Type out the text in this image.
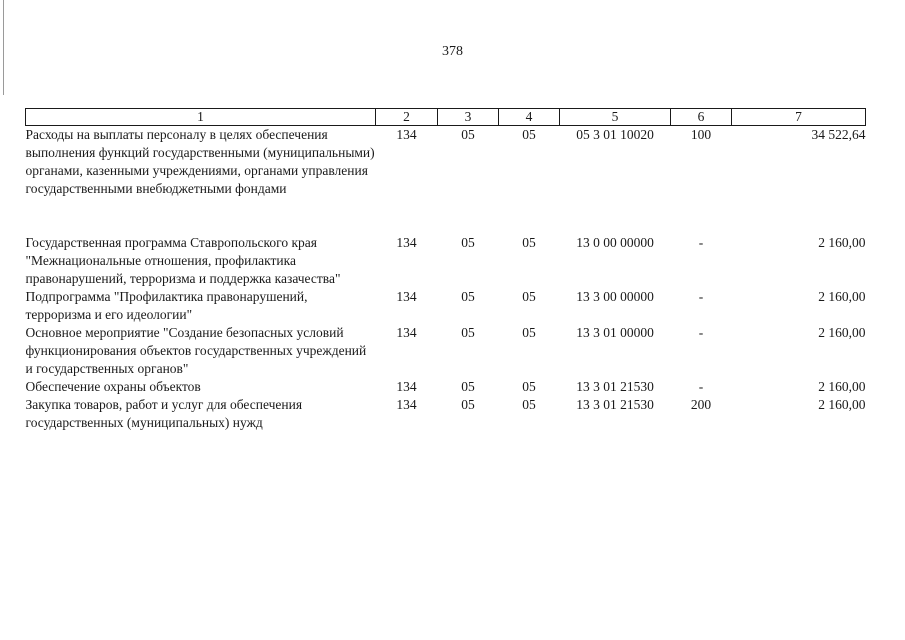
378
1	2	3	4	5	6	7
Расходы на выплаты персоналу в целях обеспечения выполнения функций государственными (муниципальными) органами, казенными учреждениями, органами управления государственными внебюджетными фондами	134	05	05	05 3 01 10020	100	34 522,64

Государственная программа Ставропольского края "Межнациональные отношения, профилактика правонарушений, терроризма и поддержка казачества"	134	05	05	13 0 00 00000	-	2 160,00
Подпрограмма "Профилактика правонарушений, терроризма и его идеологии"	134	05	05	13 3 00 00000	-	2 160,00
Основное мероприятие "Создание безопасных условий функционирования объектов государственных учреждений и государственных органов"	134	05	05	13 3 01 00000	-	2 160,00
Обеспечение охраны объектов	134	05	05	13 3 01 21530	-	2 160,00
Закупка товаров, работ и услуг для обеспечения государственных (муниципальных) нужд	134	05	05	13 3 01 21530	200	2 160,00
